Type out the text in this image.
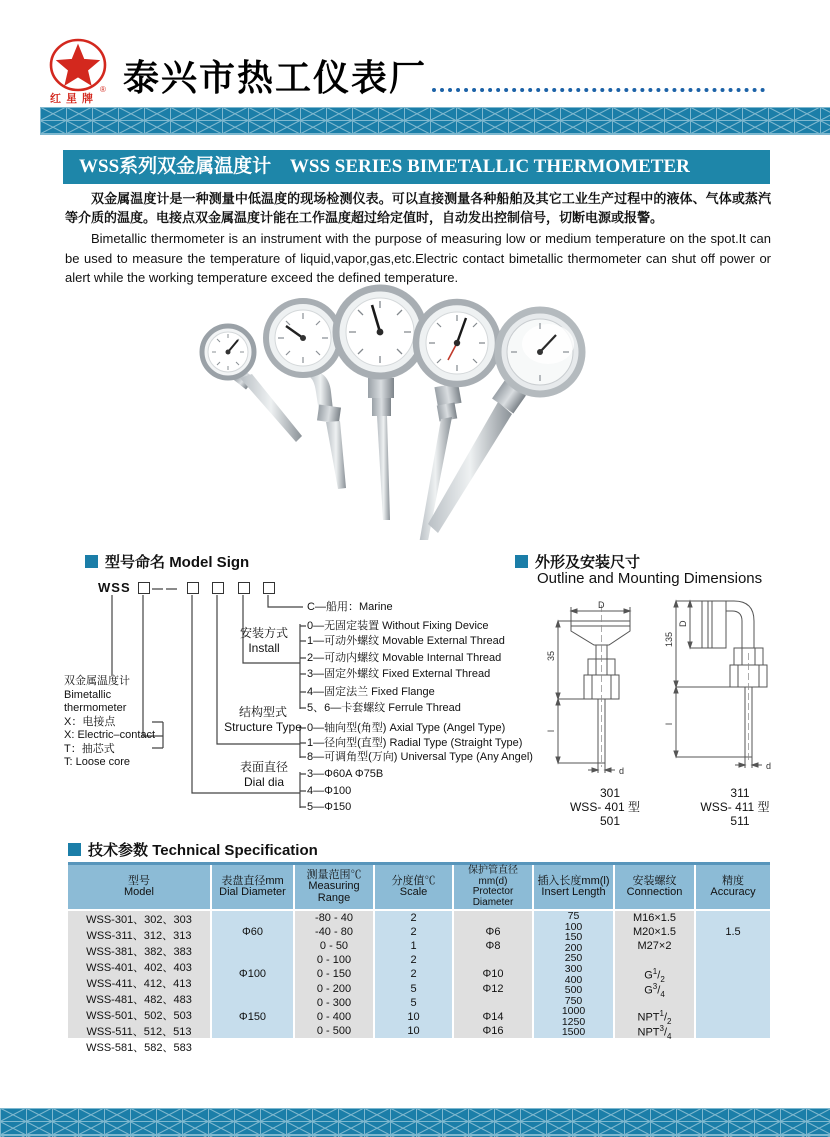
®
红星牌
泰兴市热工仪表厂
WSS系列双金属温度计 WSS SERIES BIMETALLIC THERMOMETER
双金属温度计是一种测量中低温度的现场检测仪表。可以直接测量各种船舶及其它工业生产过程中的液体、气体或蒸汽等介质的温度。电接点双金属温度计能在工作温度超过给定值时，自动发出控制信号，切断电源或报警。
Bimetallic thermometer is an instrument with the purpose of measuring low or medium temperature on the spot.It can be used to measure the temperature of liquid,vapor,gas,etc.Electric contact bimetallic thermometer can shut off power or alert while the working temperature exceed the defined temperature.
型号命名 Model Sign
WSS
双金属温度计
Bimetallic
thermometer
X：电接点
X: Electric–contact
T：抽芯式
T: Loose core
安装方式
Install
结构型式
Structure Type
表面直径
Dial dia
C—船用：Marine
0—无固定装置 Without Fixing Device
1—可动外螺纹 Movable External Thread
2—可动内螺纹 Movable Internal Thread
3—固定外螺纹 Fixed External Thread
4—固定法兰 Fixed Flange
5、6—卡套螺纹 Ferrule Thread
0—轴向型(角型) Axial Type (Angel Type)
1—径向型(直型) Radial Type (Straight Type)
8—可调角型(万向) Universal Type (Any Angel)
3—Φ60A Φ75B
4—Φ100
5—Φ150
外形及安装尺寸
Outline and Mounting Dimensions
D
35
l
d
D
135
l
d
301
WSS- 401 型
501
311
WSS- 411 型
511
技术参数 Technical Specification
型号
Model
WSS-301、302、303
WSS-311、312、313
WSS-381、382、383
WSS-401、402、403
WSS-411、412、413
WSS-481、482、483
WSS-501、502、503
WSS-511、512、513
WSS-581、582、583
表盘直径mm
Dial Diameter
Φ60
Φ100
Φ150
测量范围℃
Measuring
Range
-80 - 40
-40 - 80
0 - 50
0 - 100
0 - 150
0 - 200
0 - 300
0 - 400
0 - 500
分度值℃
Scale
2
2
1
2
2
5
5
10
10
保护管直径
mm(d)
Protector
Diameter
Φ6
Φ8
Φ10
Φ12
Φ14
Φ16
插入长度mm(l)
Insert Length
75
100
150
200
250
300
400
500
750
1000
1250
1500
安装螺纹
Connection
M16×1.5
M20×1.5
M27×2
$G^1/_2$
$G^3/_4$
$NPT^1/_2$
$NPT^3/_4$
精度
Accuracy
1.5
